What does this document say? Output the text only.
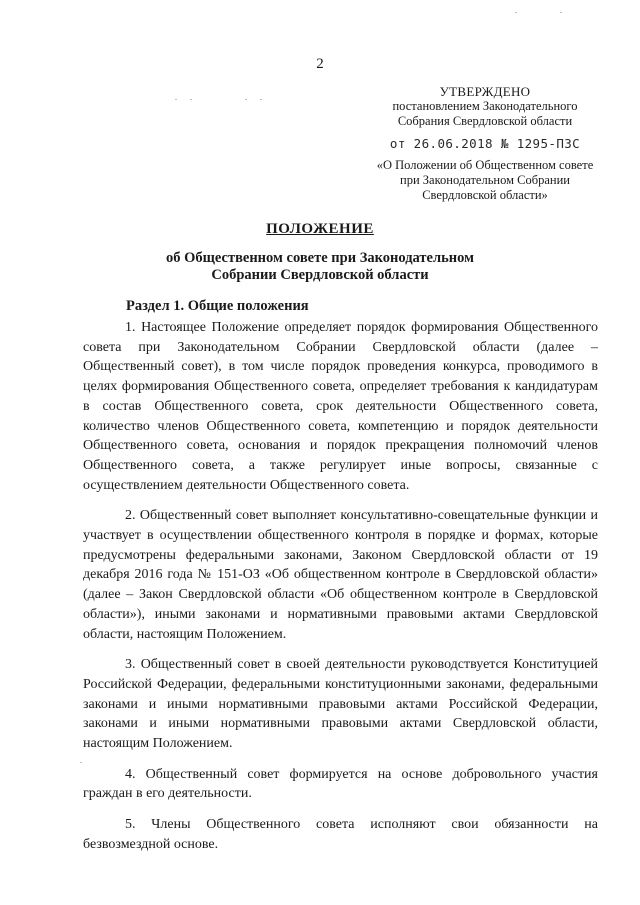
2
УТВЕРЖДЕНО
постановлением Законодательного
Собрания Свердловской области
от 26.06.2018 № 1295-ПЗС
«О Положении об Общественном совете
при Законодательном Собрании
Свердловской области»
ПОЛОЖЕНИЕ
об Общественном совете при Законодательном
Собрании Свердловской области
Раздел 1. Общие положения

1. Настоящее Положение определяет порядок формирования Общественного совета при Законодательном Собрании Свердловской области (далее – Общественный совет), в том числе порядок проведения конкурса, проводимого в целях формирования Общественного совета, определяет требования к кандидатурам в состав Общественного совета, срок деятельности Общественного совета, количество членов Общественного совета, компетенцию и порядок деятельности Общественного совета, основания и порядок прекращения полномочий членов Общественного совета, а также регулирует иные вопросы, связанные с осуществлением деятельности Общественного совета.

2. Общественный совет выполняет консультативно-совещательные функции и участвует в осуществлении общественного контроля в порядке и формах, которые предусмотрены федеральными законами, Законом Свердловской области от 19 декабря 2016 года № 151-ОЗ «Об общественном контроле в Свердловской области» (далее – Закон Свердловской области «Об общественном контроле в Свердловской области»), иными законами и нормативными правовыми актами Свердловской области, настоящим Положением.

3. Общественный совет в своей деятельности руководствуется Конституцией Российской Федерации, федеральными конституционными законами, федеральными законами и иными нормативными правовыми актами Российской Федерации, законами и иными нормативными правовыми актами Свердловской области, настоящим Положением.

4. Общественный совет формируется на основе добровольного участия граждан в его деятельности.

5. Члены Общественного совета исполняют свои обязанности на безвозмездной основе.
